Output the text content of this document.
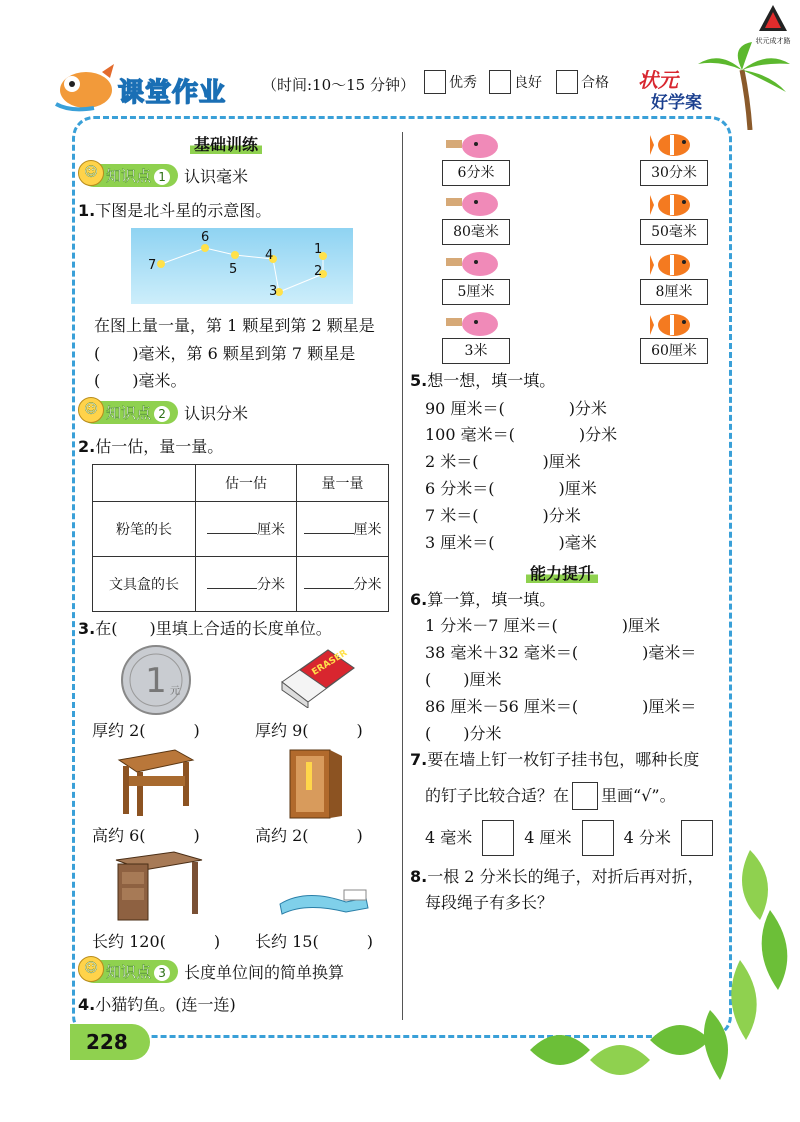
课堂作业 （时间:10～15 分钟） 优秀	良好	合格 状元
好学案
状元成才路
基础训练
☺ 知识点 1	认识毫米
1.下图是北斗星的示意图。
1
2
3
4
5
6
7
在图上量一量，第 1 颗星到第 2 颗星是
(　　)毫米，第 6 颗星到第 7 颗星是
(　　)毫米。
☺ 知识点 2	认识分米
2.估一估，量一量。
	估一估	量一量
粉笔的长	厘米	厘米
文具盒的长	分米	分米
3.在(　　)里填上合适的长度单位。
1 元
ERASER
厚约 2(　　　)	厚约 9(　　　)
高约 6(　　　)	高约 2(　　　)
长约 120(　　　) 长约 15(　　　)
☺ 知识点 3	长度单位间的简单换算
4.小猫钓鱼。(连一连)
6分米
80毫米
5厘米
3米
30分米
50毫米
8厘米
60厘米
5.想一想，填一填。
90 厘米＝(　　　　)分米
100 毫米＝(　　　　)分米
2 米＝(　　　　)厘米
6 分米＝(　　　　)厘米
7 米＝(　　　　)分米
3 厘米＝(　　　　)毫米
能力提升
6.算一算，填一填。
1 分米－7 厘米＝(　　　　)厘米
38 毫米＋32 毫米＝(　　　　)毫米＝
(　　)厘米
86 厘米－56 厘米＝(　　　　)厘米＝
(　　)分米
7.要在墙上钉一枚钉子挂书包，哪种长度
的钉子比较合适？在 里画“√”。
4 毫米	4 厘米	4 分米
8.一根 2 分米长的绳子，对折后再对折，
每段绳子有多长？
228
